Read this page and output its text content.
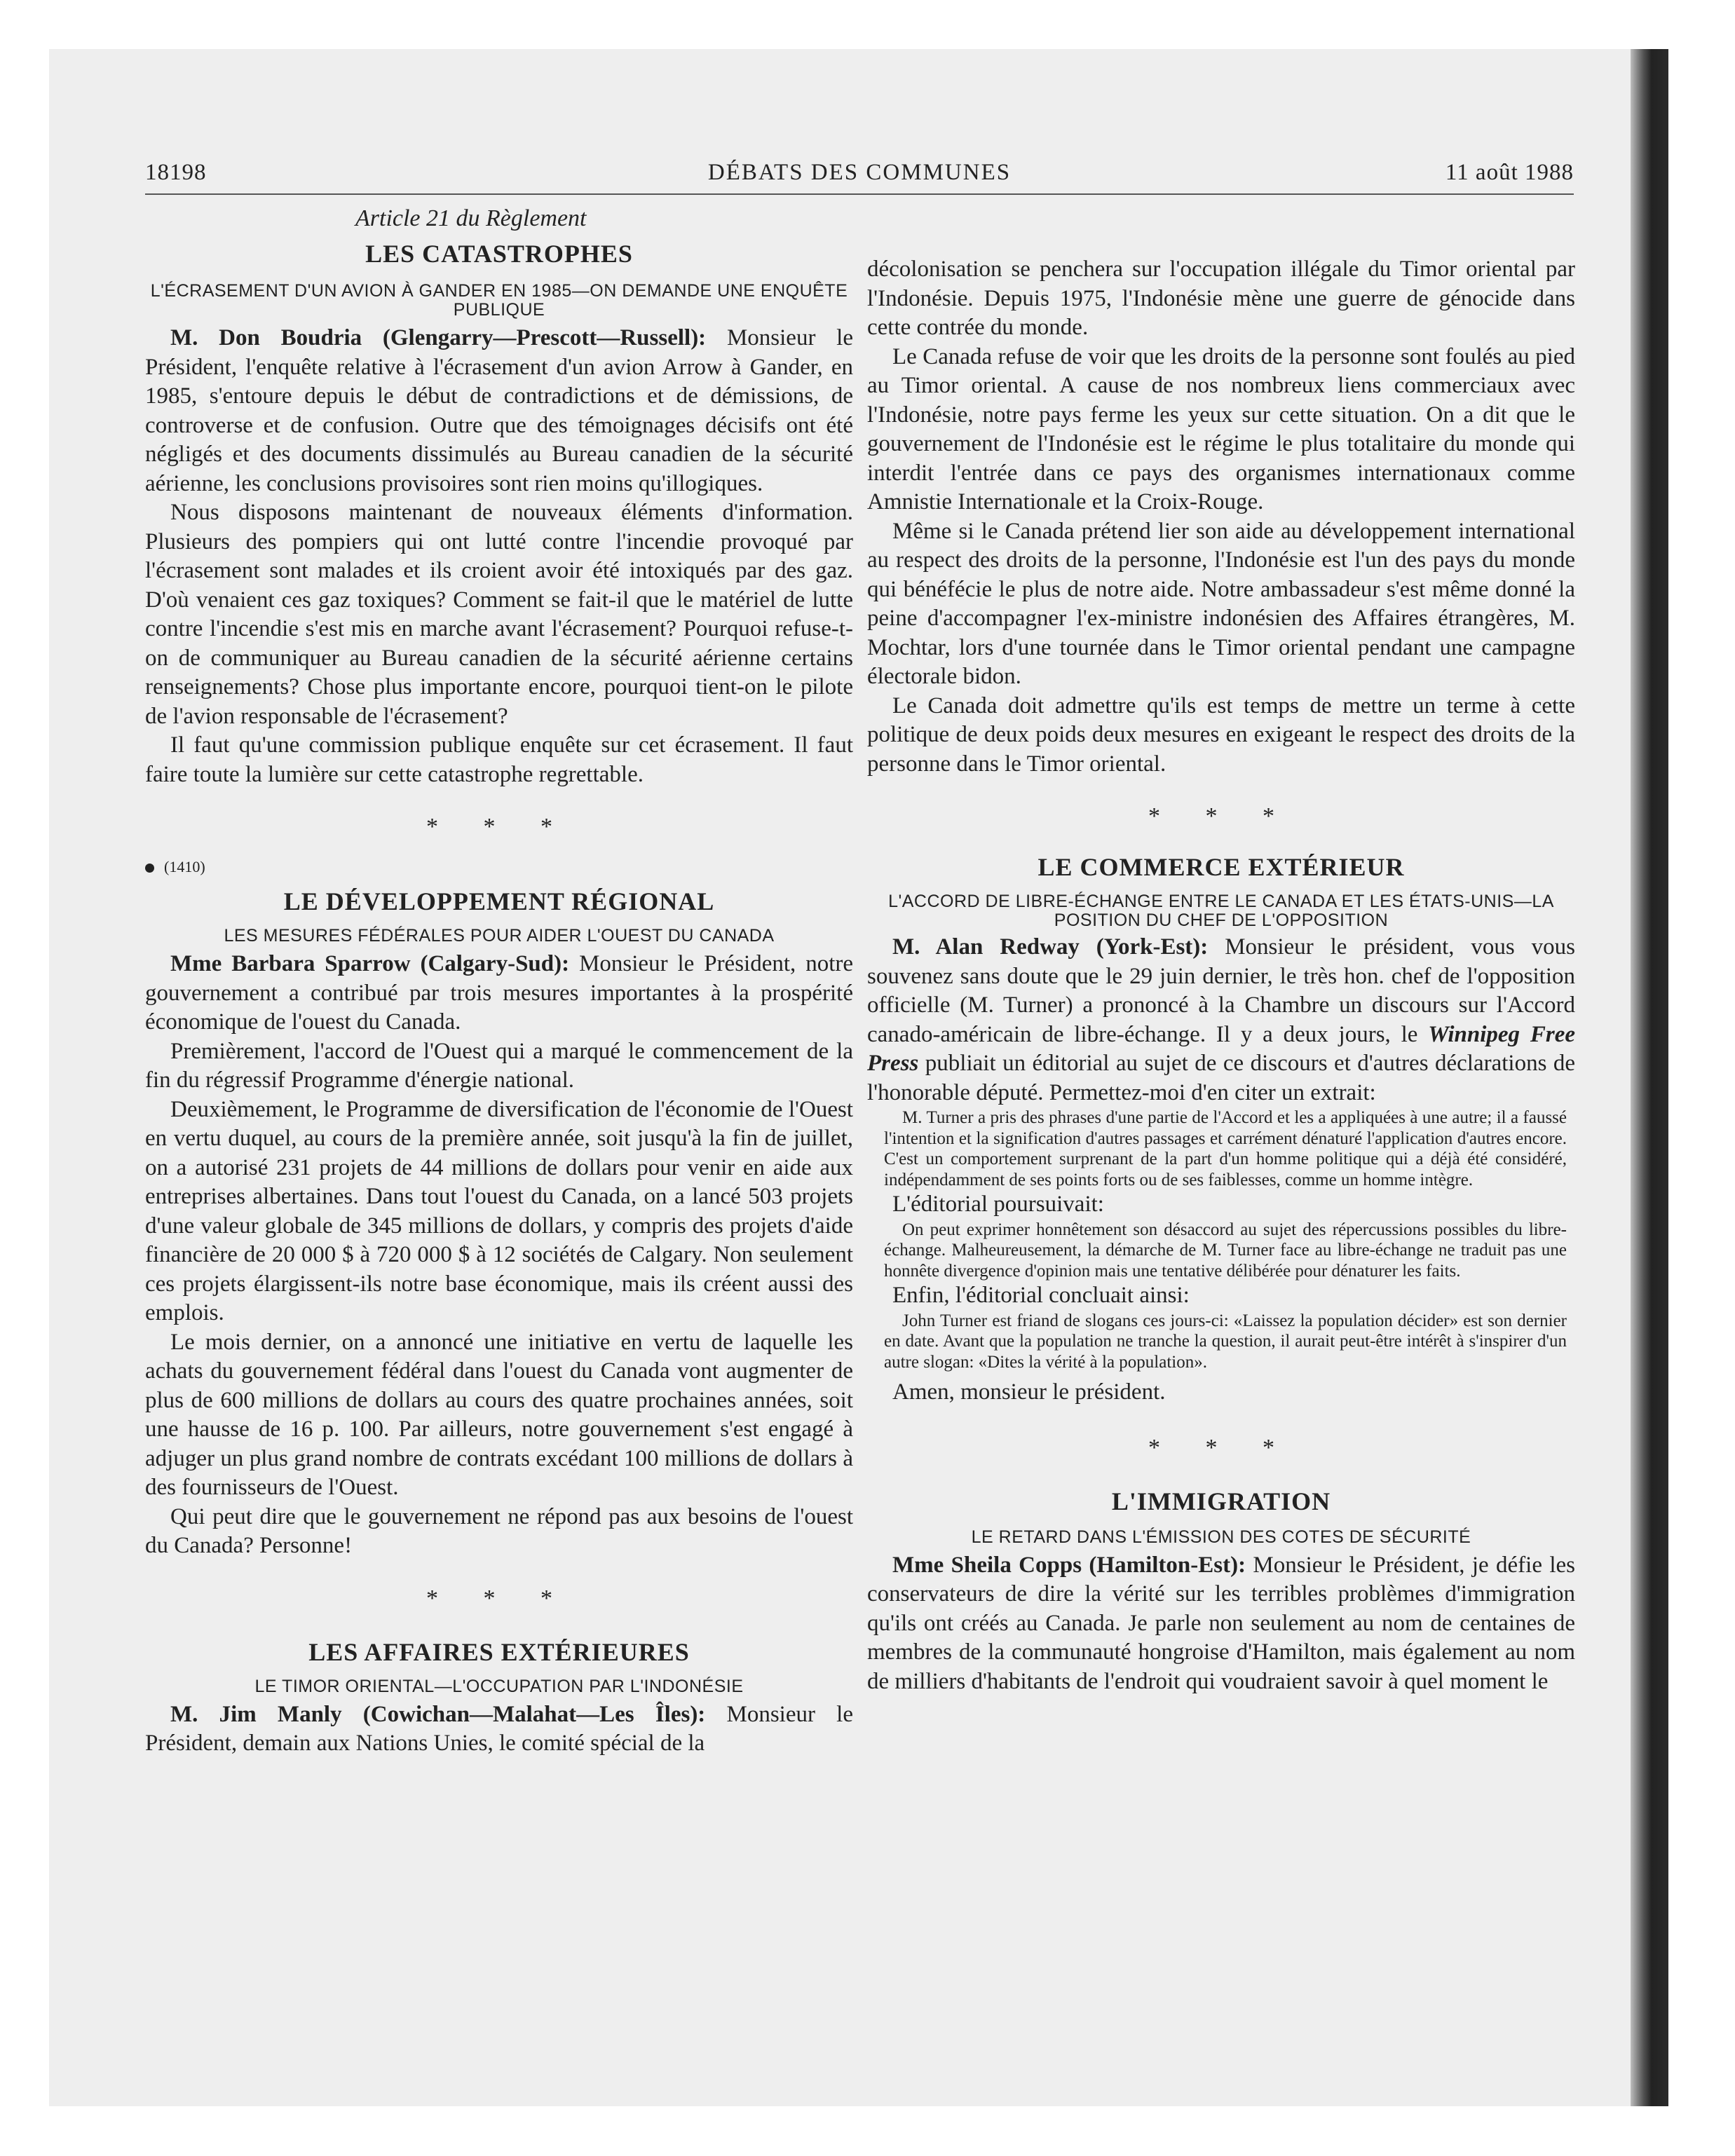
18198	DÉBATS DES COMMUNES	11 août 1988

Article 21 du Règlement

LES CATASTROPHES

L'ÉCRASEMENT D'UN AVION À GANDER EN 1985—ON DEMANDE UNE ENQUÊTE PUBLIQUE

M. Don Boudria (Glengarry—Prescott—Russell): Monsieur le Président, l'enquête relative à l'écrasement d'un avion Arrow à Gander, en 1985, s'entoure depuis le début de contradictions et de démissions, de controverse et de confusion. Outre que des témoignages décisifs ont été négligés et des documents dissimulés au Bureau canadien de la sécurité aérienne, les conclusions provisoires sont rien moins qu'illogiques.

Nous disposons maintenant de nouveaux éléments d'information. Plusieurs des pompiers qui ont lutté contre l'incendie provoqué par l'écrasement sont malades et ils croient avoir été intoxiqués par des gaz. D'où venaient ces gaz toxiques? Comment se fait-il que le matériel de lutte contre l'incendie s'est mis en marche avant l'écrasement? Pourquoi refuse-t-on de communiquer au Bureau canadien de la sécurité aérienne certains renseignements? Chose plus importante encore, pourquoi tient-on le pilote de l'avion responsable de l'écrasement?

Il faut qu'une commission publique enquête sur cet écrasement. Il faut faire toute la lumière sur cette catastrophe regrettable.

* * *

(1410)

LE DÉVELOPPEMENT RÉGIONAL

LES MESURES FÉDÉRALES POUR AIDER L'OUEST DU CANADA

Mme Barbara Sparrow (Calgary-Sud): Monsieur le Président, notre gouvernement a contribué par trois mesures importantes à la prospérité économique de l'ouest du Canada.

Premièrement, l'accord de l'Ouest qui a marqué le commencement de la fin du régressif Programme d'énergie national.

Deuxièmement, le Programme de diversification de l'économie de l'Ouest en vertu duquel, au cours de la première année, soit jusqu'à la fin de juillet, on a autorisé 231 projets de 44 millions de dollars pour venir en aide aux entreprises albertaines. Dans tout l'ouest du Canada, on a lancé 503 projets d'une valeur globale de 345 millions de dollars, y compris des projets d'aide financière de 20 000 $ à 720 000 $ à 12 sociétés de Calgary. Non seulement ces projets élargissent-ils notre base économique, mais ils créent aussi des emplois.

Le mois dernier, on a annoncé une initiative en vertu de laquelle les achats du gouvernement fédéral dans l'ouest du Canada vont augmenter de plus de 600 millions de dollars au cours des quatre prochaines années, soit une hausse de 16 p. 100. Par ailleurs, notre gouvernement s'est engagé à adjuger un plus grand nombre de contrats excédant 100 millions de dollars à des fournisseurs de l'Ouest.

Qui peut dire que le gouvernement ne répond pas aux besoins de l'ouest du Canada? Personne!

* * *

LES AFFAIRES EXTÉRIEURES

LE TIMOR ORIENTAL—L'OCCUPATION PAR L'INDONÉSIE

M. Jim Manly (Cowichan—Malahat—Les Îles): Monsieur le Président, demain aux Nations Unies, le comité spécial de la

décolonisation se penchera sur l'occupation illégale du Timor oriental par l'Indonésie. Depuis 1975, l'Indonésie mène une guerre de génocide dans cette contrée du monde.

Le Canada refuse de voir que les droits de la personne sont foulés au pied au Timor oriental. A cause de nos nombreux liens commerciaux avec l'Indonésie, notre pays ferme les yeux sur cette situation. On a dit que le gouvernement de l'Indonésie est le régime le plus totalitaire du monde qui interdit l'entrée dans ce pays des organismes internationaux comme Amnistie Internationale et la Croix-Rouge.

Même si le Canada prétend lier son aide au développement international au respect des droits de la personne, l'Indonésie est l'un des pays du monde qui bénéfécie le plus de notre aide. Notre ambassadeur s'est même donné la peine d'accompagner l'ex-ministre indonésien des Affaires étrangères, M. Mochtar, lors d'une tournée dans le Timor oriental pendant une campagne électorale bidon.

Le Canada doit admettre qu'ils est temps de mettre un terme à cette politique de deux poids deux mesures en exigeant le respect des droits de la personne dans le Timor oriental.

* * *

LE COMMERCE EXTÉRIEUR

L'ACCORD DE LIBRE-ÉCHANGE ENTRE LE CANADA ET LES ÉTATS-UNIS—LA POSITION DU CHEF DE L'OPPOSITION

M. Alan Redway (York-Est): Monsieur le président, vous vous souvenez sans doute que le 29 juin dernier, le très hon. chef de l'opposition officielle (M. Turner) a prononcé à la Chambre un discours sur l'Accord canado-américain de libre-échange. Il y a deux jours, le Winnipeg Free Press publiait un éditorial au sujet de ce discours et d'autres déclarations de l'honorable député. Permettez-moi d'en citer un extrait:

M. Turner a pris des phrases d'une partie de l'Accord et les a appliquées à une autre; il a faussé l'intention et la signification d'autres passages et carrément dénaturé l'application d'autres encore. C'est un comportement surprenant de la part d'un homme politique qui a déjà été considéré, indépendamment de ses points forts ou de ses faiblesses, comme un homme intègre.

L'éditorial poursuivait:

On peut exprimer honnêtement son désaccord au sujet des répercussions possibles du libre-échange. Malheureusement, la démarche de M. Turner face au libre-échange ne traduit pas une honnête divergence d'opinion mais une tentative délibérée pour dénaturer les faits.

Enfin, l'éditorial concluait ainsi:

John Turner est friand de slogans ces jours-ci: «Laissez la population décider» est son dernier en date. Avant que la population ne tranche la question, il aurait peut-être intérêt à s'inspirer d'un autre slogan: «Dites la vérité à la population».

Amen, monsieur le président.

* * *

L'IMMIGRATION

LE RETARD DANS L'ÉMISSION DES COTES DE SÉCURITÉ

Mme Sheila Copps (Hamilton-Est): Monsieur le Président, je défie les conservateurs de dire la vérité sur les terribles problèmes d'immigration qu'ils ont créés au Canada. Je parle non seulement au nom de centaines de membres de la communauté hongroise d'Hamilton, mais également au nom de milliers d'habitants de l'endroit qui voudraient savoir à quel moment le
